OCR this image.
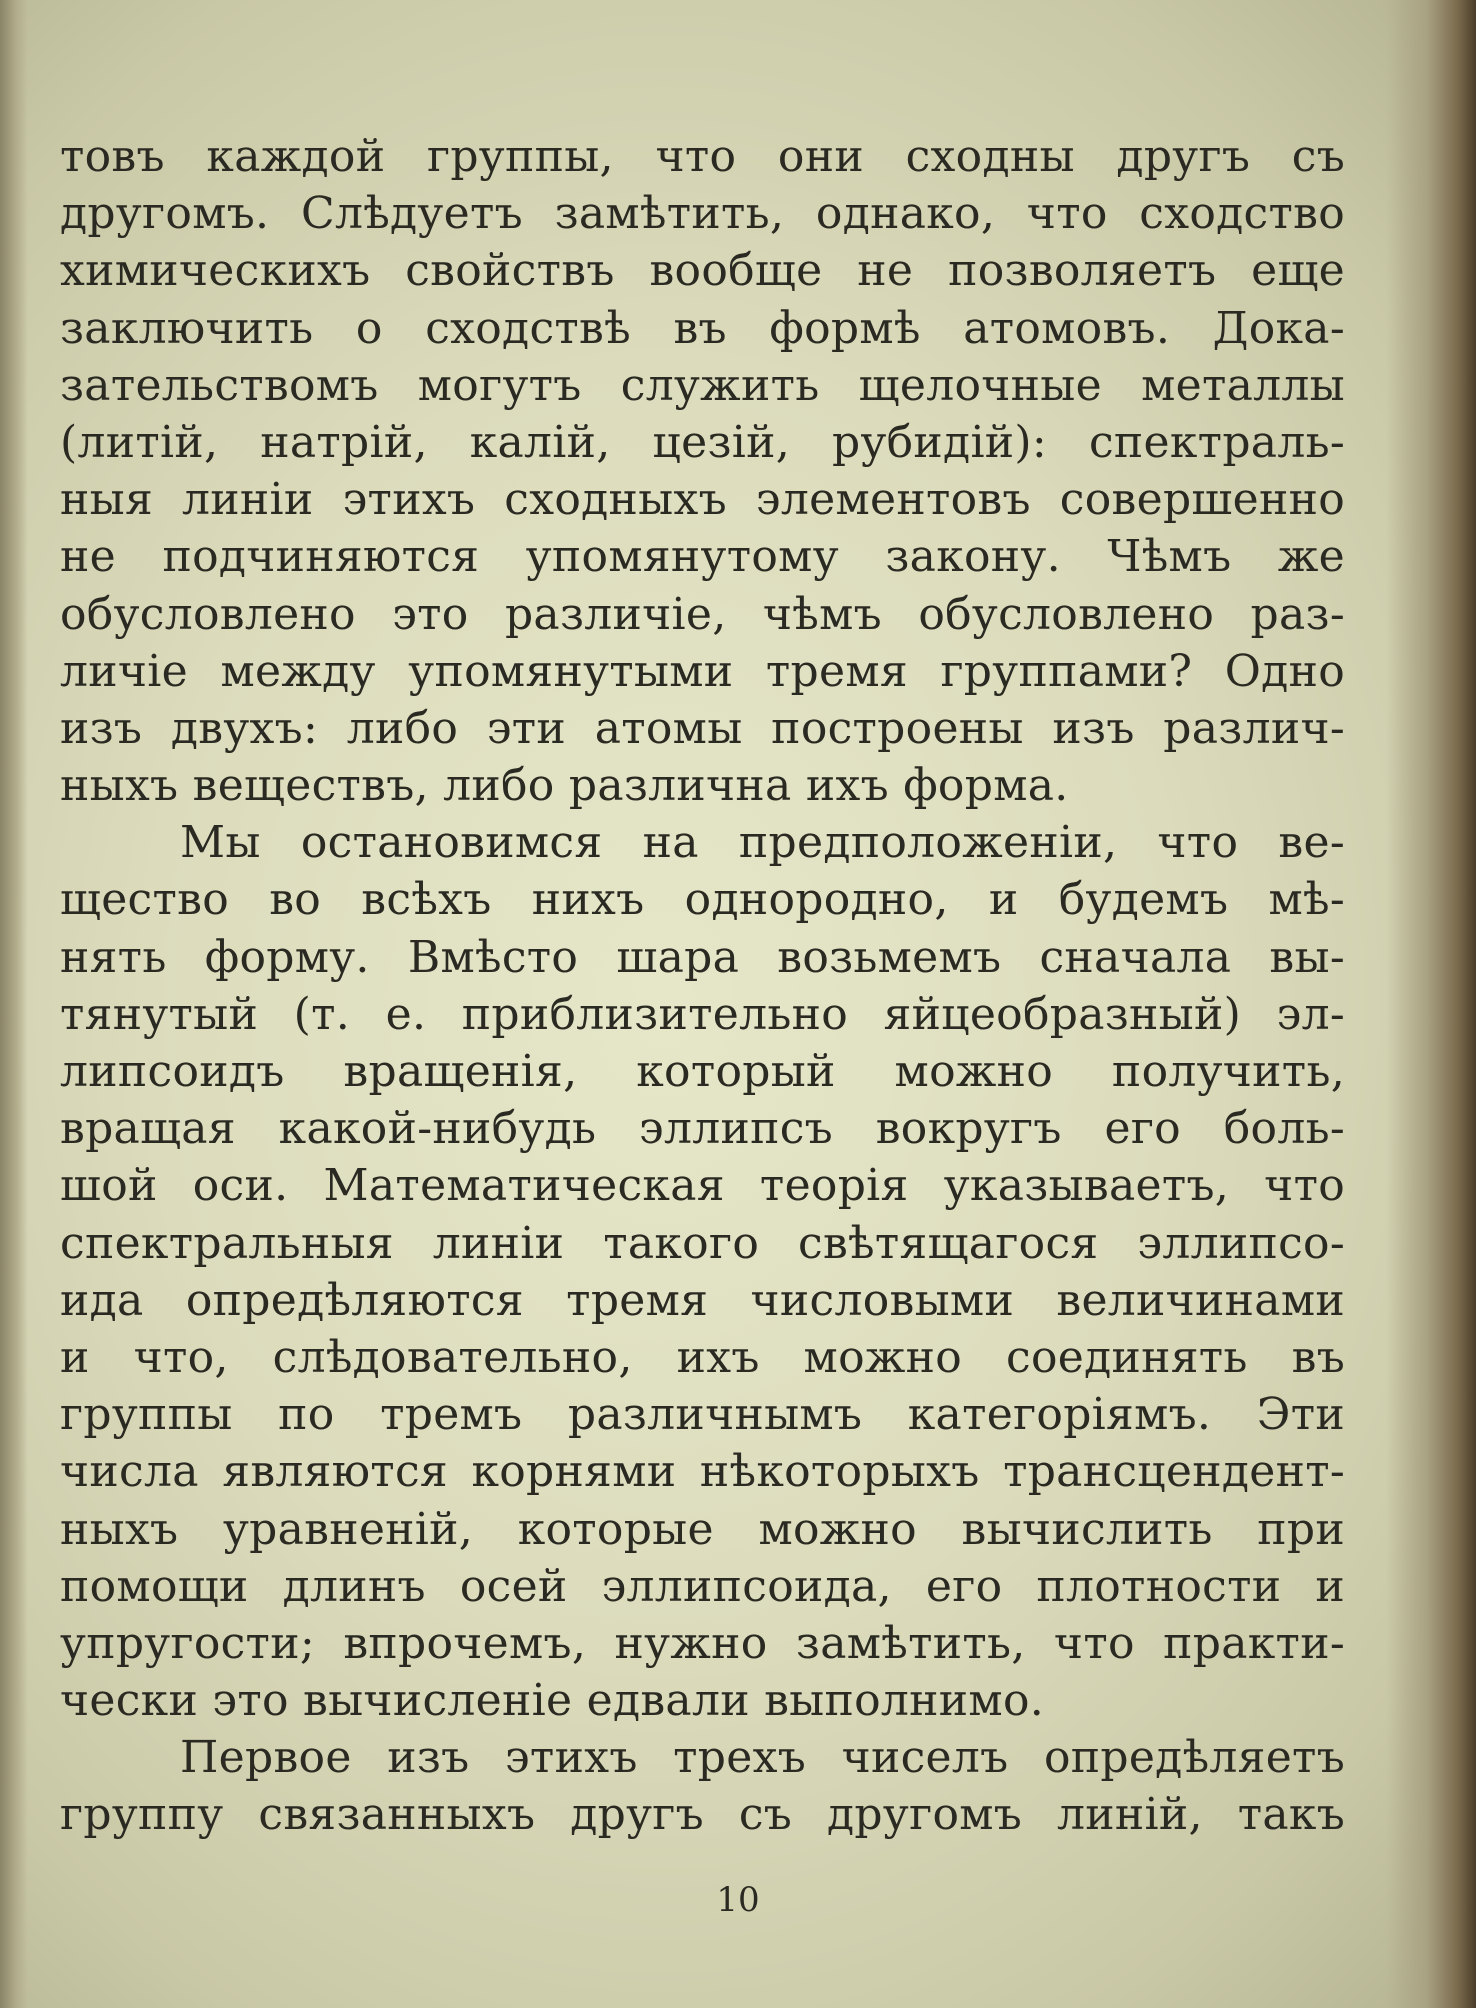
товъ каждой группы, что они сходны другъ съ
другомъ. Слѣдуетъ замѣтить, однако, что сходство
химическихъ свойствъ вообще не позволяетъ еще
заключить о сходствѣ въ формѣ атомовъ. Дока-
зательствомъ могутъ служить щелочные металлы
(литій, натрій, калій, цезій, рубидій): спектраль-
ныя линіи этихъ сходныхъ элементовъ совершенно
не подчиняются упомянутому закону. Чѣмъ же
обусловлено это различіе, чѣмъ обусловлено раз-
личіе между упомянутыми тремя группами? Одно
изъ двухъ: либо эти атомы построены изъ различ-
ныхъ веществъ, либо различна ихъ форма.
Мы остановимся на предположеніи, что ве-
щество во всѣхъ нихъ однородно, и будемъ мѣ-
нять форму. Вмѣсто шара возьмемъ сначала вы-
тянутый (т. е. приблизительно яйцеобразный) эл-
липсоидъ вращенія, который можно получить,
вращая какой-нибудь эллипсъ вокругъ его боль-
шой оси. Математическая теорія указываетъ, что
спектральныя линіи такого свѣтящагося эллипсо-
ида опредѣляются тремя числовыми величинами
и что, слѣдовательно, ихъ можно соединять въ
группы по тремъ различнымъ категоріямъ. Эти
числа являются корнями нѣкоторыхъ трансцендент-
ныхъ уравненій, которые можно вычислить при
помощи длинъ осей эллипсоида, его плотности и
упругости; впрочемъ, нужно замѣтить, что практи-
чески это вычисленіе едвали выполнимо.
Первое изъ этихъ трехъ чиселъ опредѣляетъ
группу связанныхъ другъ съ другомъ линій, такъ
10
